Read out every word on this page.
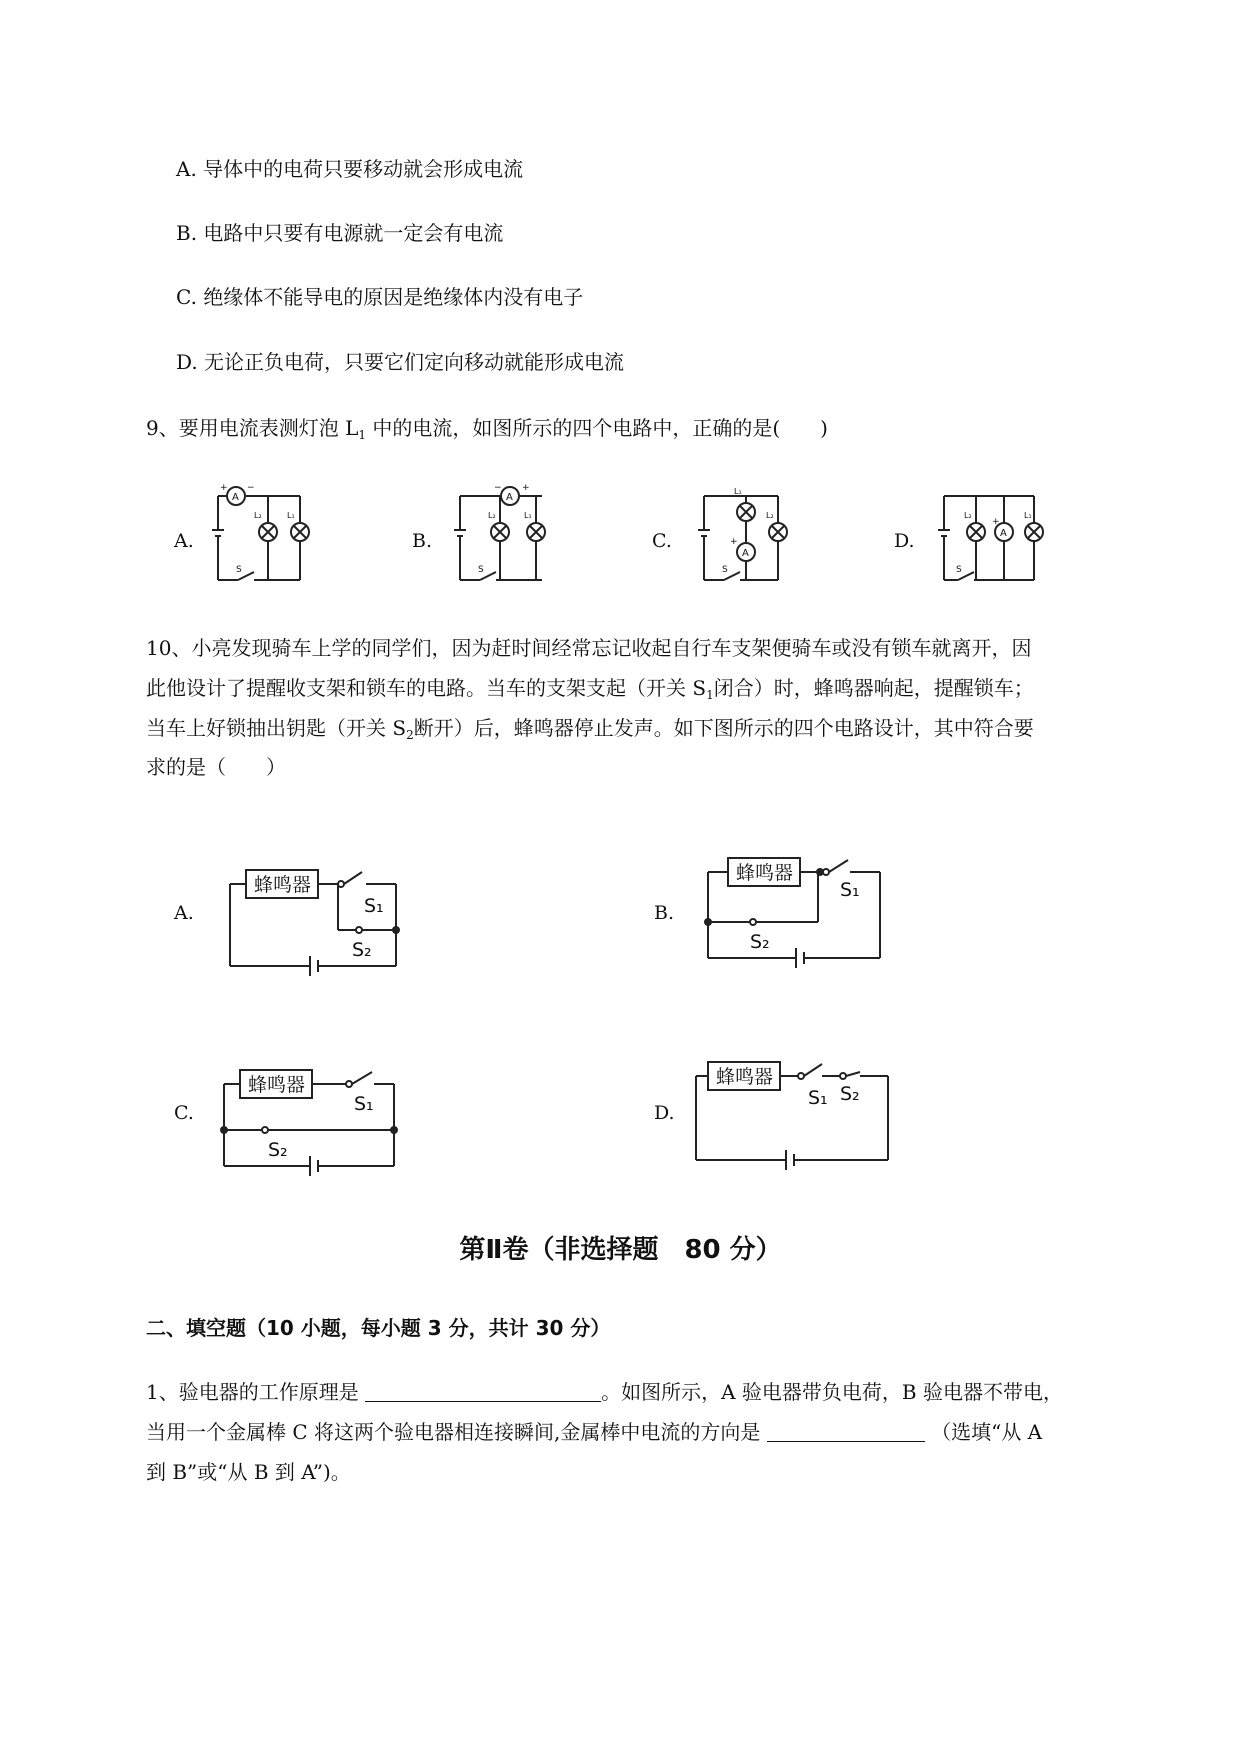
A. 导体中的电荷只要移动就会形成电流
B. 电路中只要有电源就一定会有电流
C. 绝缘体不能导电的原因是绝缘体内没有电子
D. 无论正负电荷，只要它们定向移动就能形成电流
9、要用电流表测灯泡 $L_1$ 中的电流，如图所示的四个电路中，正确的是(　　)
A.
A
+ −
S
L₂	L₁
B.
A
− +
S
L₂	L₁
C.
S
A
+
L₁
L₂
D.
S
A
+
L₂	L₁
10、小亮发现骑车上学的同学们，因为赶时间经常忘记收起自行车支架便骑车或没有锁车就离开，因
此他设计了提醒收支架和锁车的电路。当车的支架支起（开关 $S_1$闭合）时，蜂鸣器响起，提醒锁车；
当车上好锁抽出钥匙（开关 $S_2$断开）后，蜂鸣器停止发声。如下图所示的四个电路设计，其中符合要
求的是（　　）
A.
蜂鸣器
S₁
S₂
B.
蜂鸣器
S₁
S₂
C.
蜂鸣器
S₁
S₂
D.
蜂鸣器
S₁ S₂
第Ⅱ卷（非选择题　80 分）
二、填空题（10 小题，每小题 3 分，共计 30 分）
1、验电器的工作原理是	。如图所示，A 验电器带负电荷，B 验电器不带电，
当用一个金属棒 C 将这两个验电器相连接瞬间,金属棒中电流的方向是	（选填“从 A
到 B”或“从 B 到 A”)。
